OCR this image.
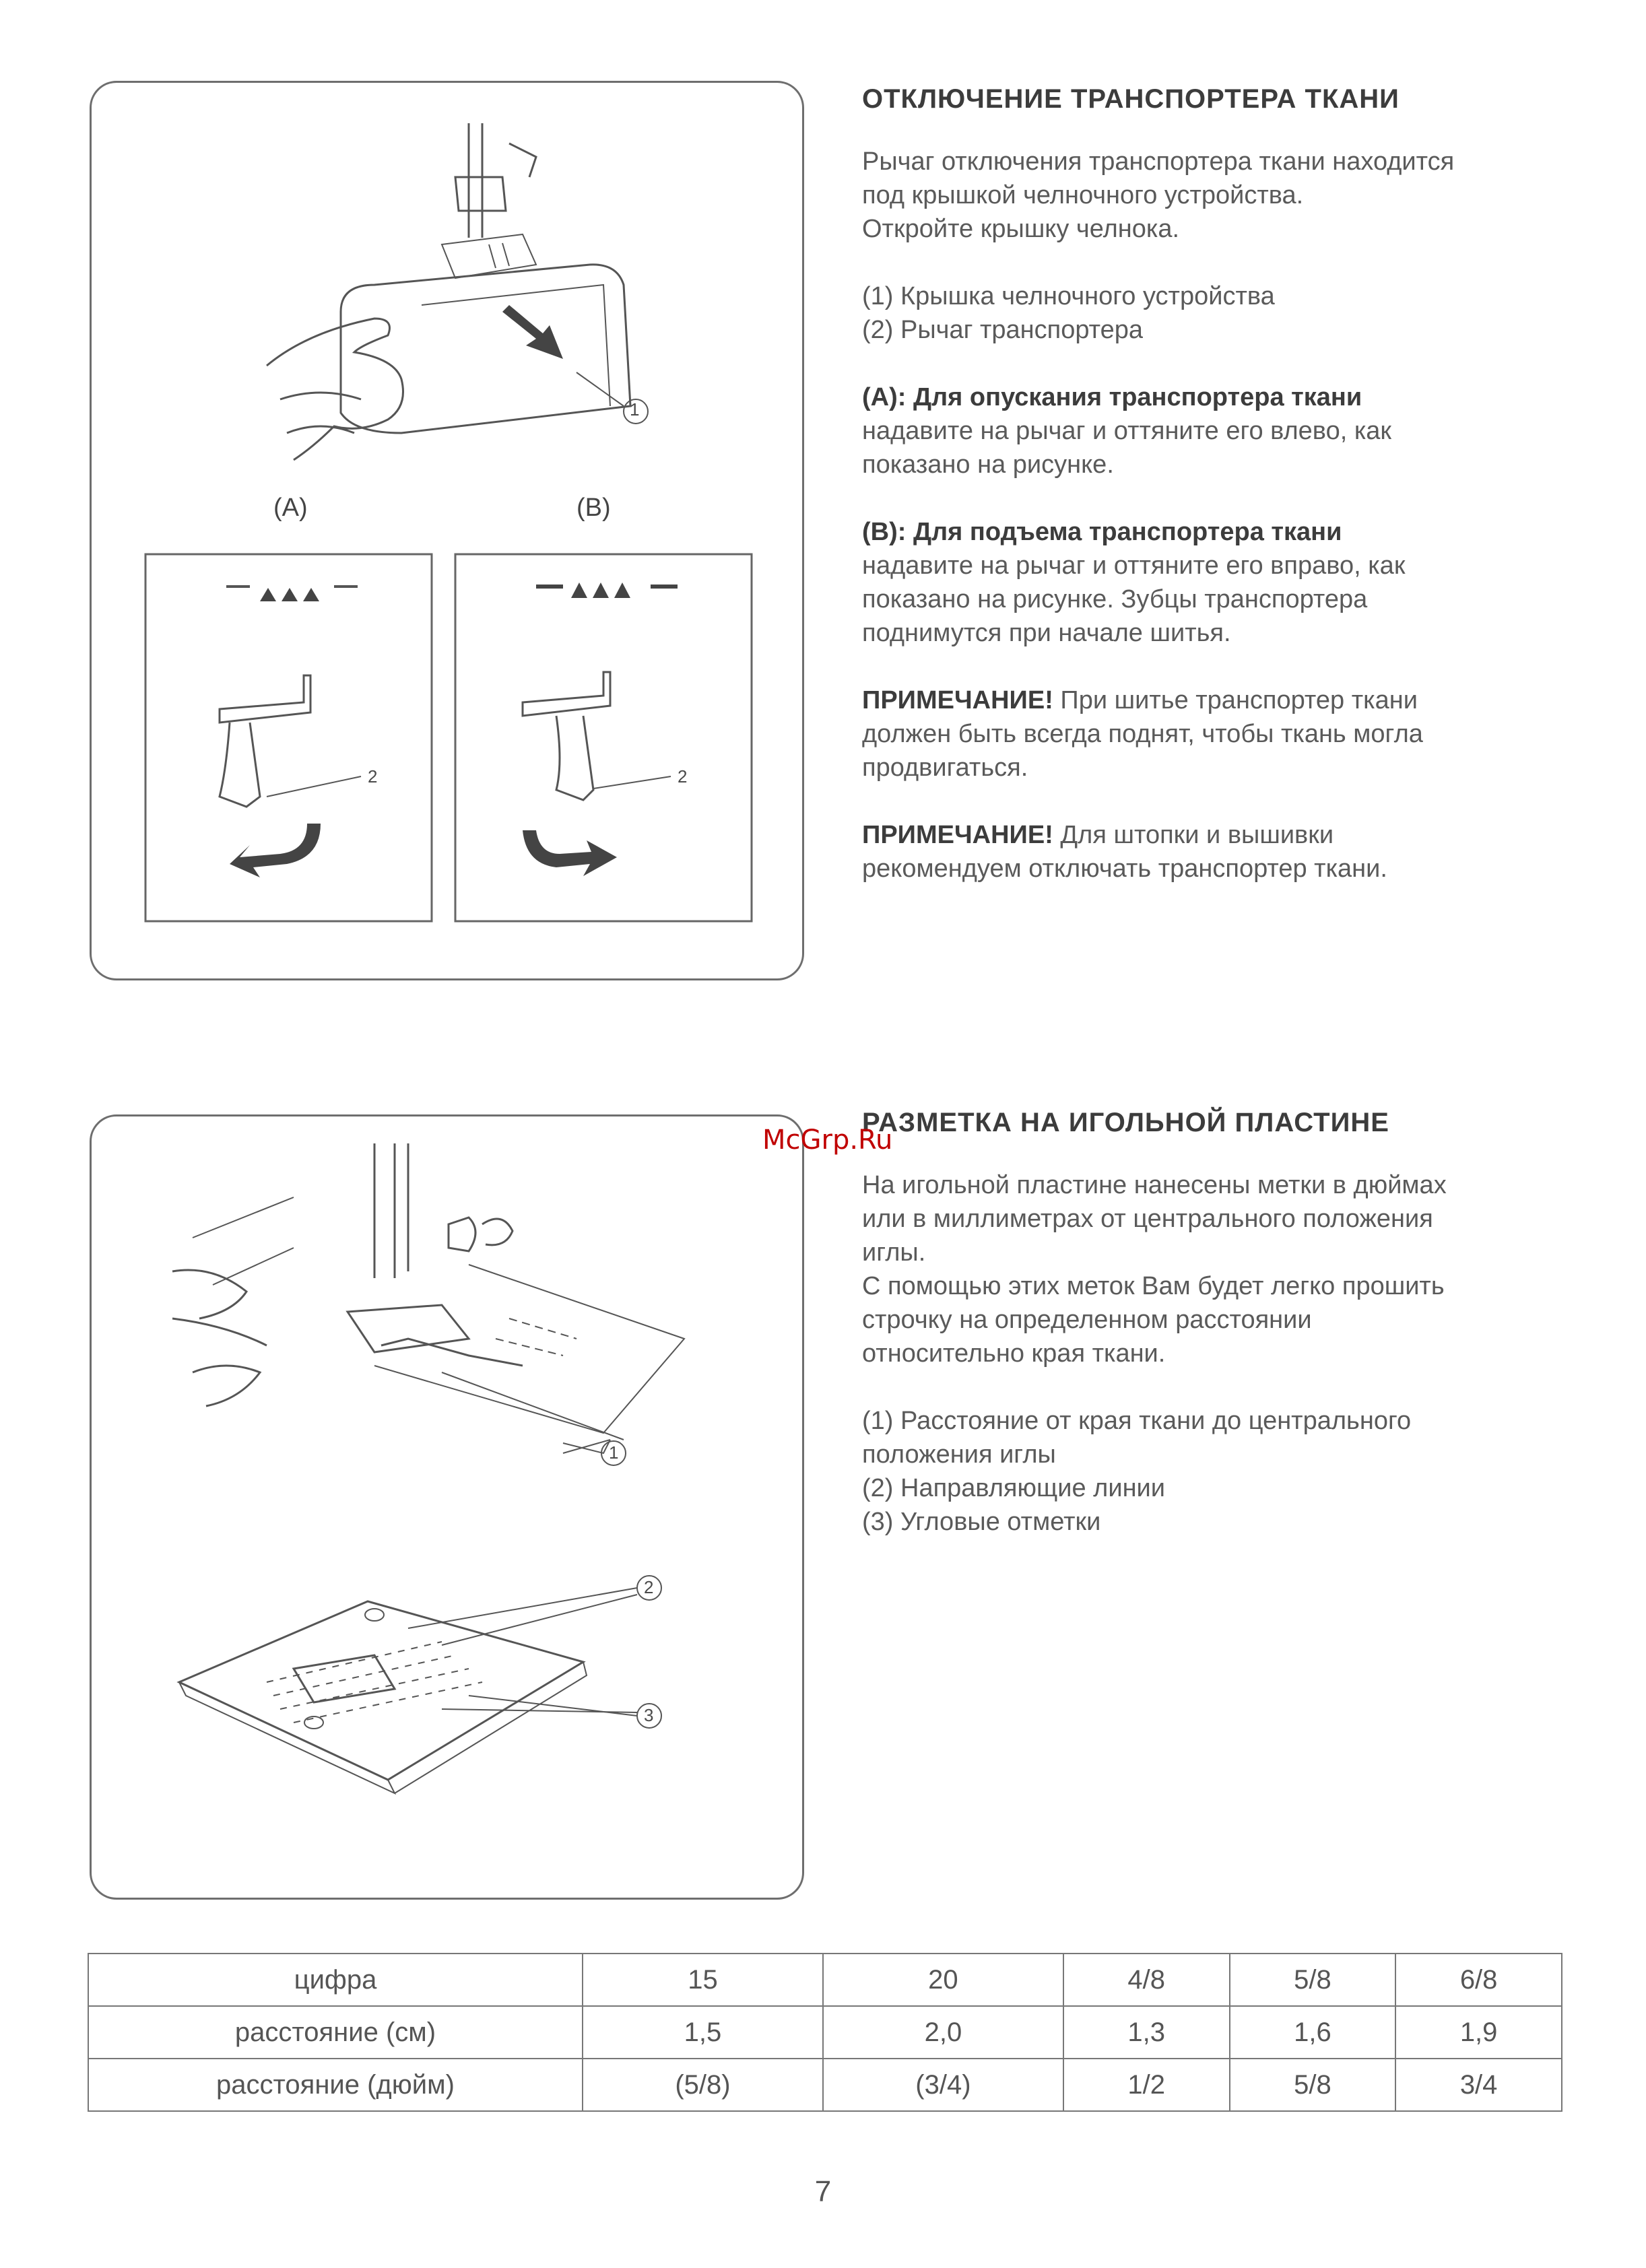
(А)	(В)
1
2	2

ОТКЛЮЧЕНИЕ ТРАНСПОРТЕРА ТКАНИ

Рычаг отключения транспортера ткани находится

под крышкой челночного устройства.

Откройте крышку челнока.

(1) Крышка челночного устройства

(2) Рычаг транспортера

(А): Для опускания транспортера ткани

надавите на рычаг и оттяните его влево, как

показано на рисунке.

(В): Для подъема транспортера ткани

надавите на рычаг и оттяните его вправо, как

показано на рисунке. Зубцы транспортера

поднимутся при начале шитья.

ПРИМЕЧАНИЕ! При шитье транспортер ткани

должен быть всегда поднят, чтобы ткань могла

продвигаться.

ПРИМЕЧАНИЕ! Для штопки и вышивки

рекомендуем отключать транспортер ткани.

1
2
3

РАЗМЕТКА НА ИГОЛЬНОЙ ПЛАСТИНЕ

На игольной пластине нанесены метки в дюймах

или в миллиметрах от центрального положения

иглы.

С помощью этих меток Вам будет легко прошить

строчку на определенном расстоянии

относительно края ткани.

(1) Расстояние от края ткани до центрального

положения иглы

(2) Направляющие линии

(3) Угловые отметки

McGrp.Ru
цифра	15	20	4/8	5/8	6/8
расстояние (см)	1,5	2,0	1,3	1,6	1,9
расстояние (дюйм)	(5/8)	(3/4)	1/2	5/8	3/4
7
